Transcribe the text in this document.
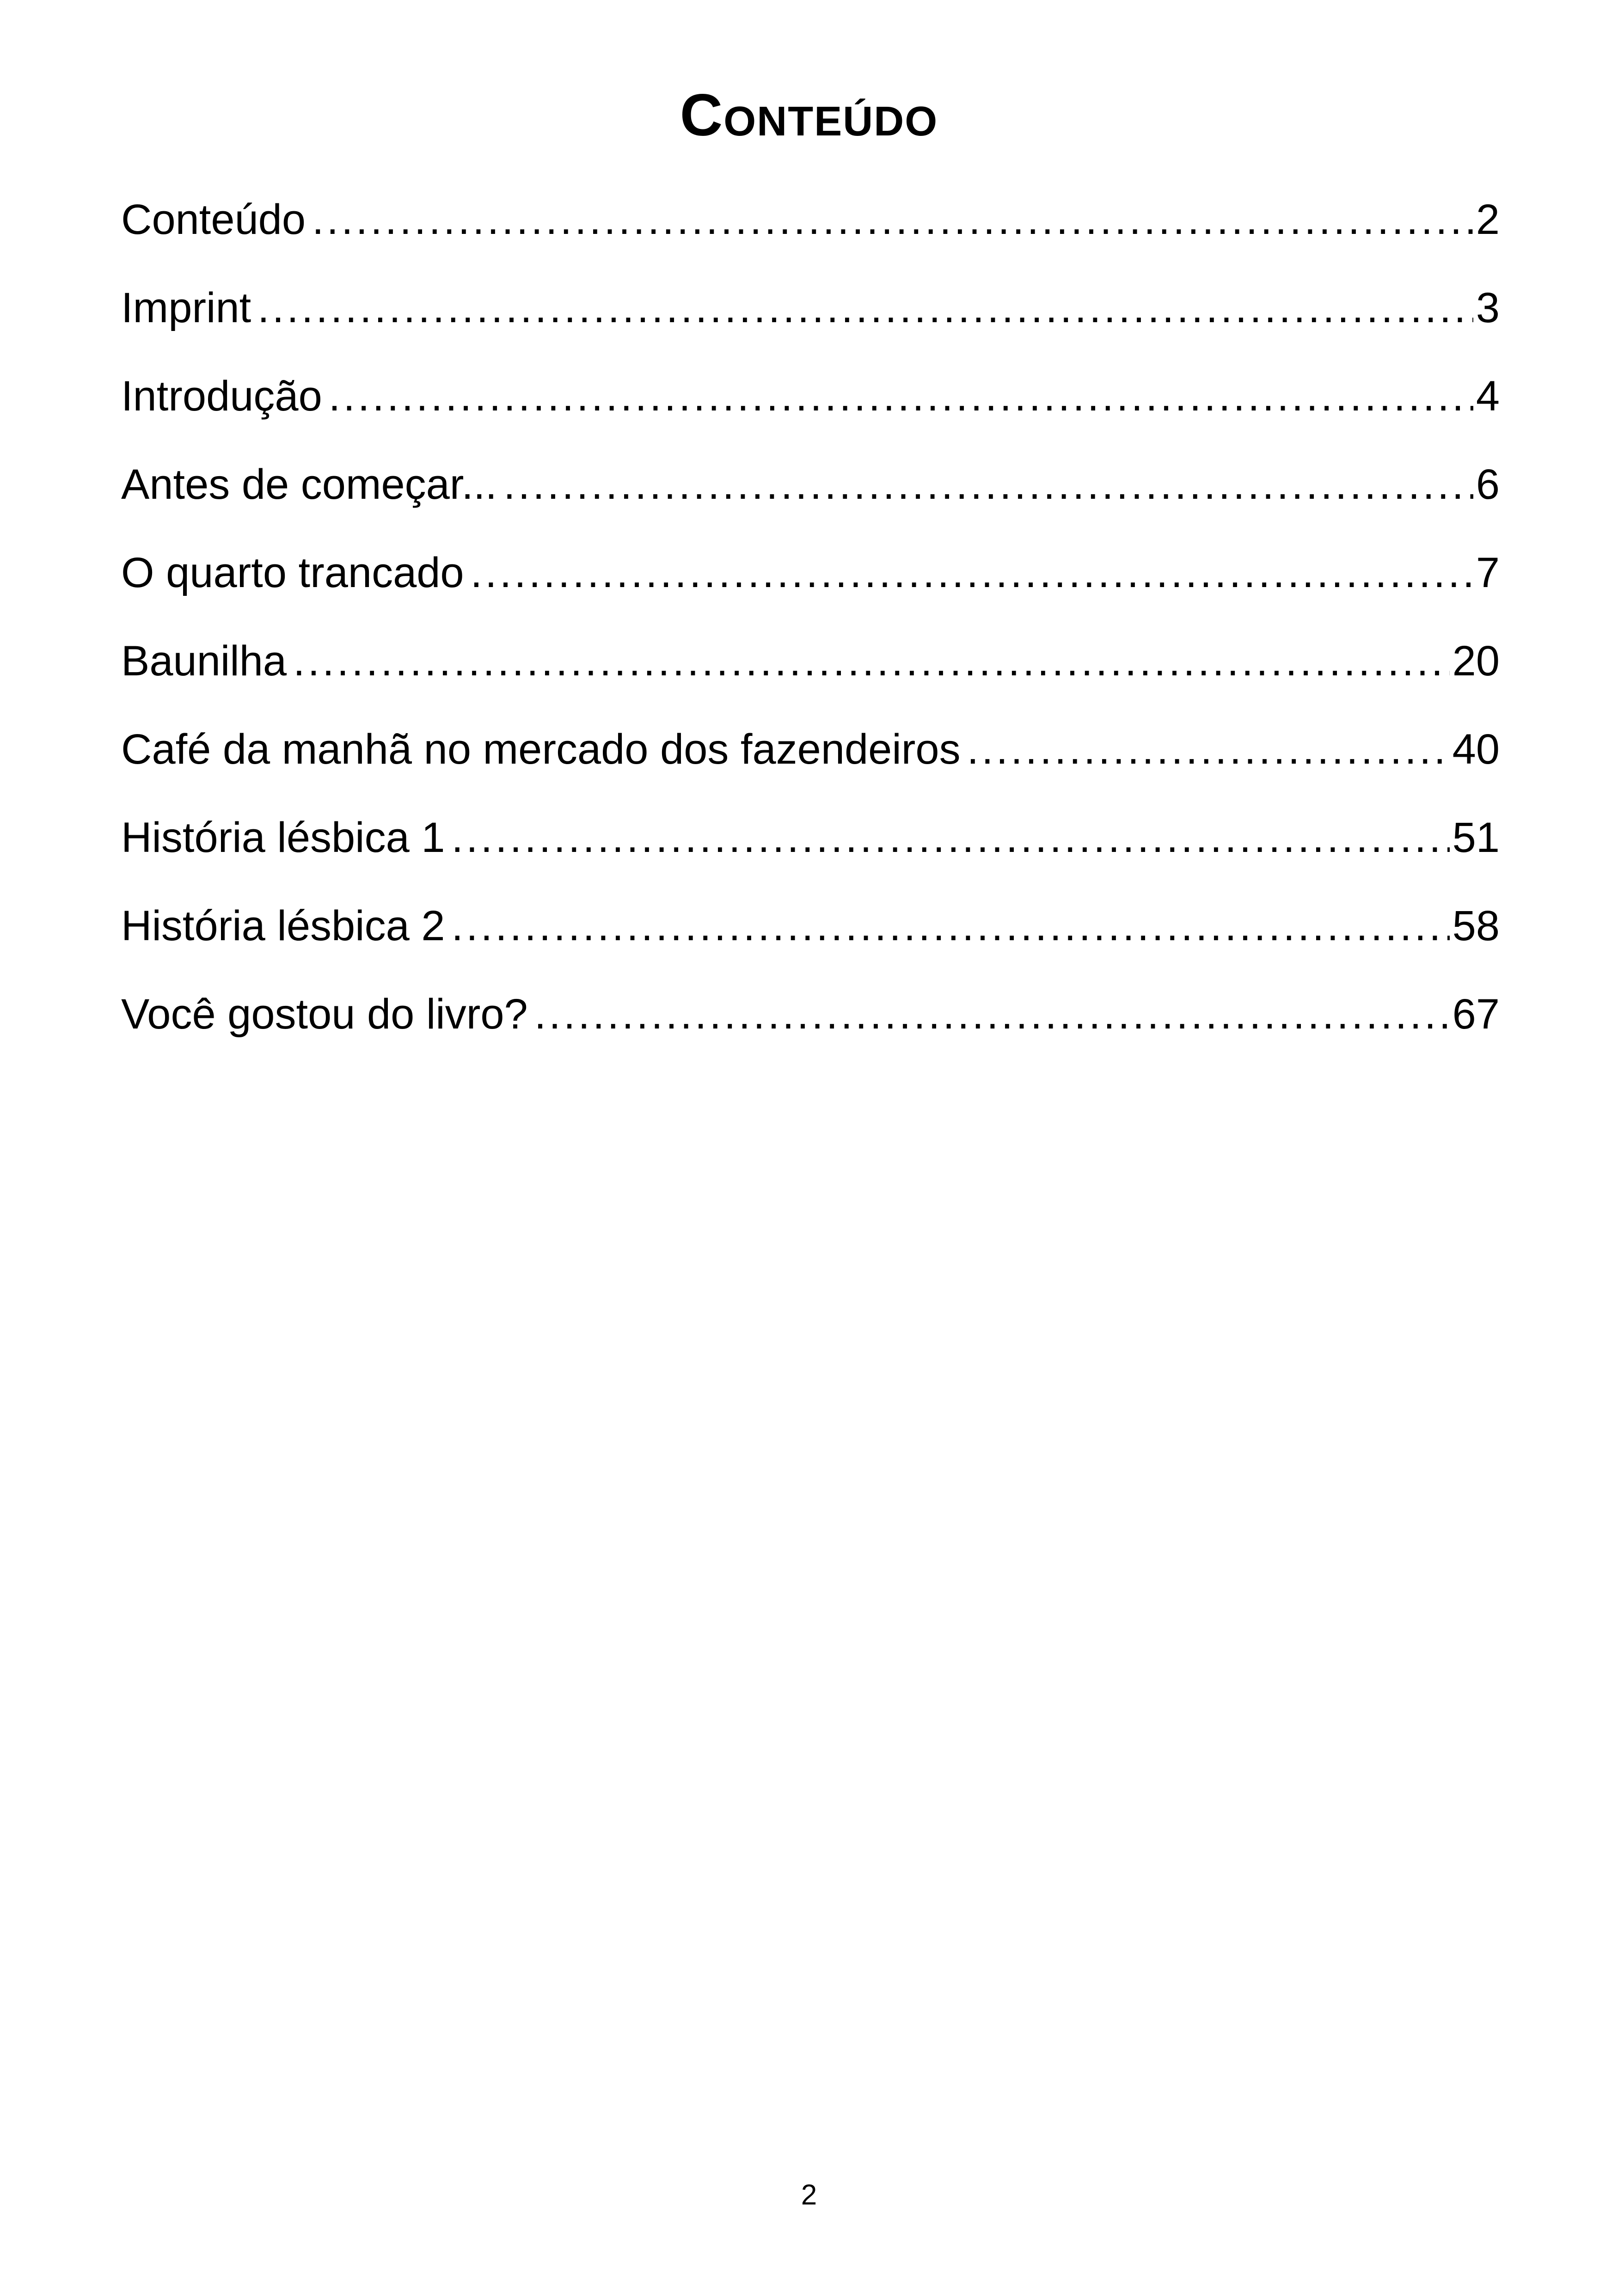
Conteúdo
Conteúdo .....	2
Imprint .....	3
Introdução .....	4
Antes de começar... .....	6
O quarto trancado .....	7
Baunilha .....	20
Café da manhã no mercado dos fazendeiros .....	40
História lésbica 1 .....	51
História lésbica 2 .....	58
Você gostou do livro? .....	67
2
